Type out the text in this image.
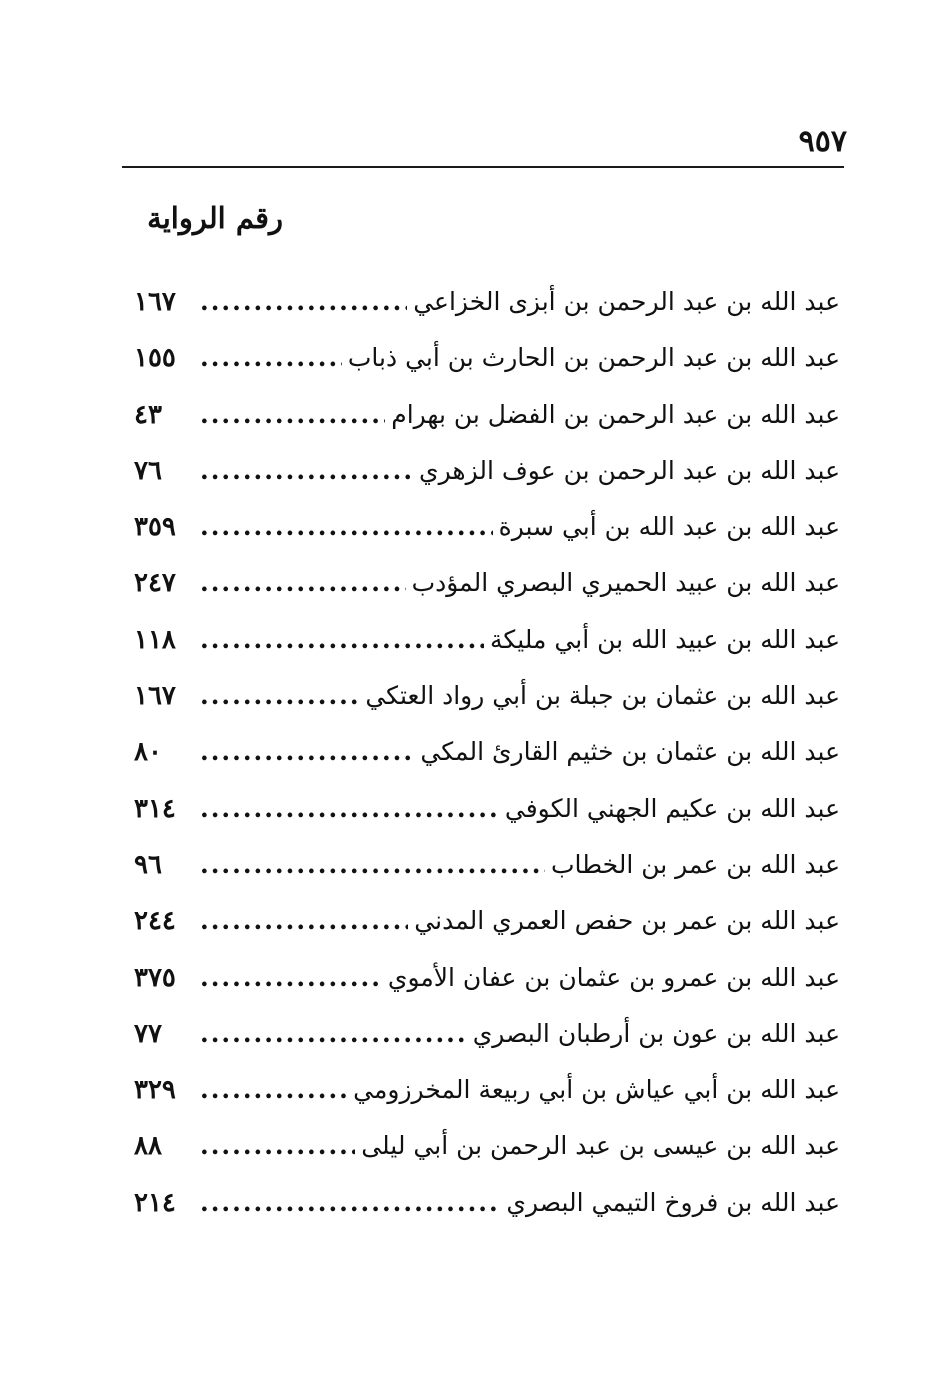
٩٥٧
رقم الرواية
عبد الله بن عبد الرحمن بن أبزى الخزاعي
.....
١٦٧
عبد الله بن عبد الرحمن بن الحارث بن أبي ذباب
.....
١٥٥
عبد الله بن عبد الرحمن بن الفضل بن بهرام
.....
٤٣
عبد الله بن عبد الرحمن بن عوف الزهري
.....
٧٦
عبد الله بن عبد الله بن أبي سبرة
.....
٣٥٩
عبد الله بن عبيد الحميري البصري المؤدب
.....
٢٤٧
عبد الله بن عبيد الله بن أبي مليكة
.....
١١٨
عبد الله بن عثمان بن جبلة بن أبي رواد العتكي
.....
١٦٧
عبد الله بن عثمان بن خثيم القارئ المكي
.....
٨٠
عبد الله بن عكيم الجهني الكوفي
.....
٣١٤
عبد الله بن عمر بن الخطاب
.....
٩٦
عبد الله بن عمر بن حفص العمري المدني
.....
٢٤٤
عبد الله بن عمرو بن عثمان بن عفان الأموي
.....
٣٧٥
عبد الله بن عون بن أرطبان البصري
.....
٧٧
عبد الله بن أبي عياش بن أبي ربيعة المخرزومي
.....
٣٢٩
عبد الله بن عيسى بن عبد الرحمن بن أبي ليلى
.....
٨٨
عبد الله بن فروخ التيمي البصري
.....
٢١٤
